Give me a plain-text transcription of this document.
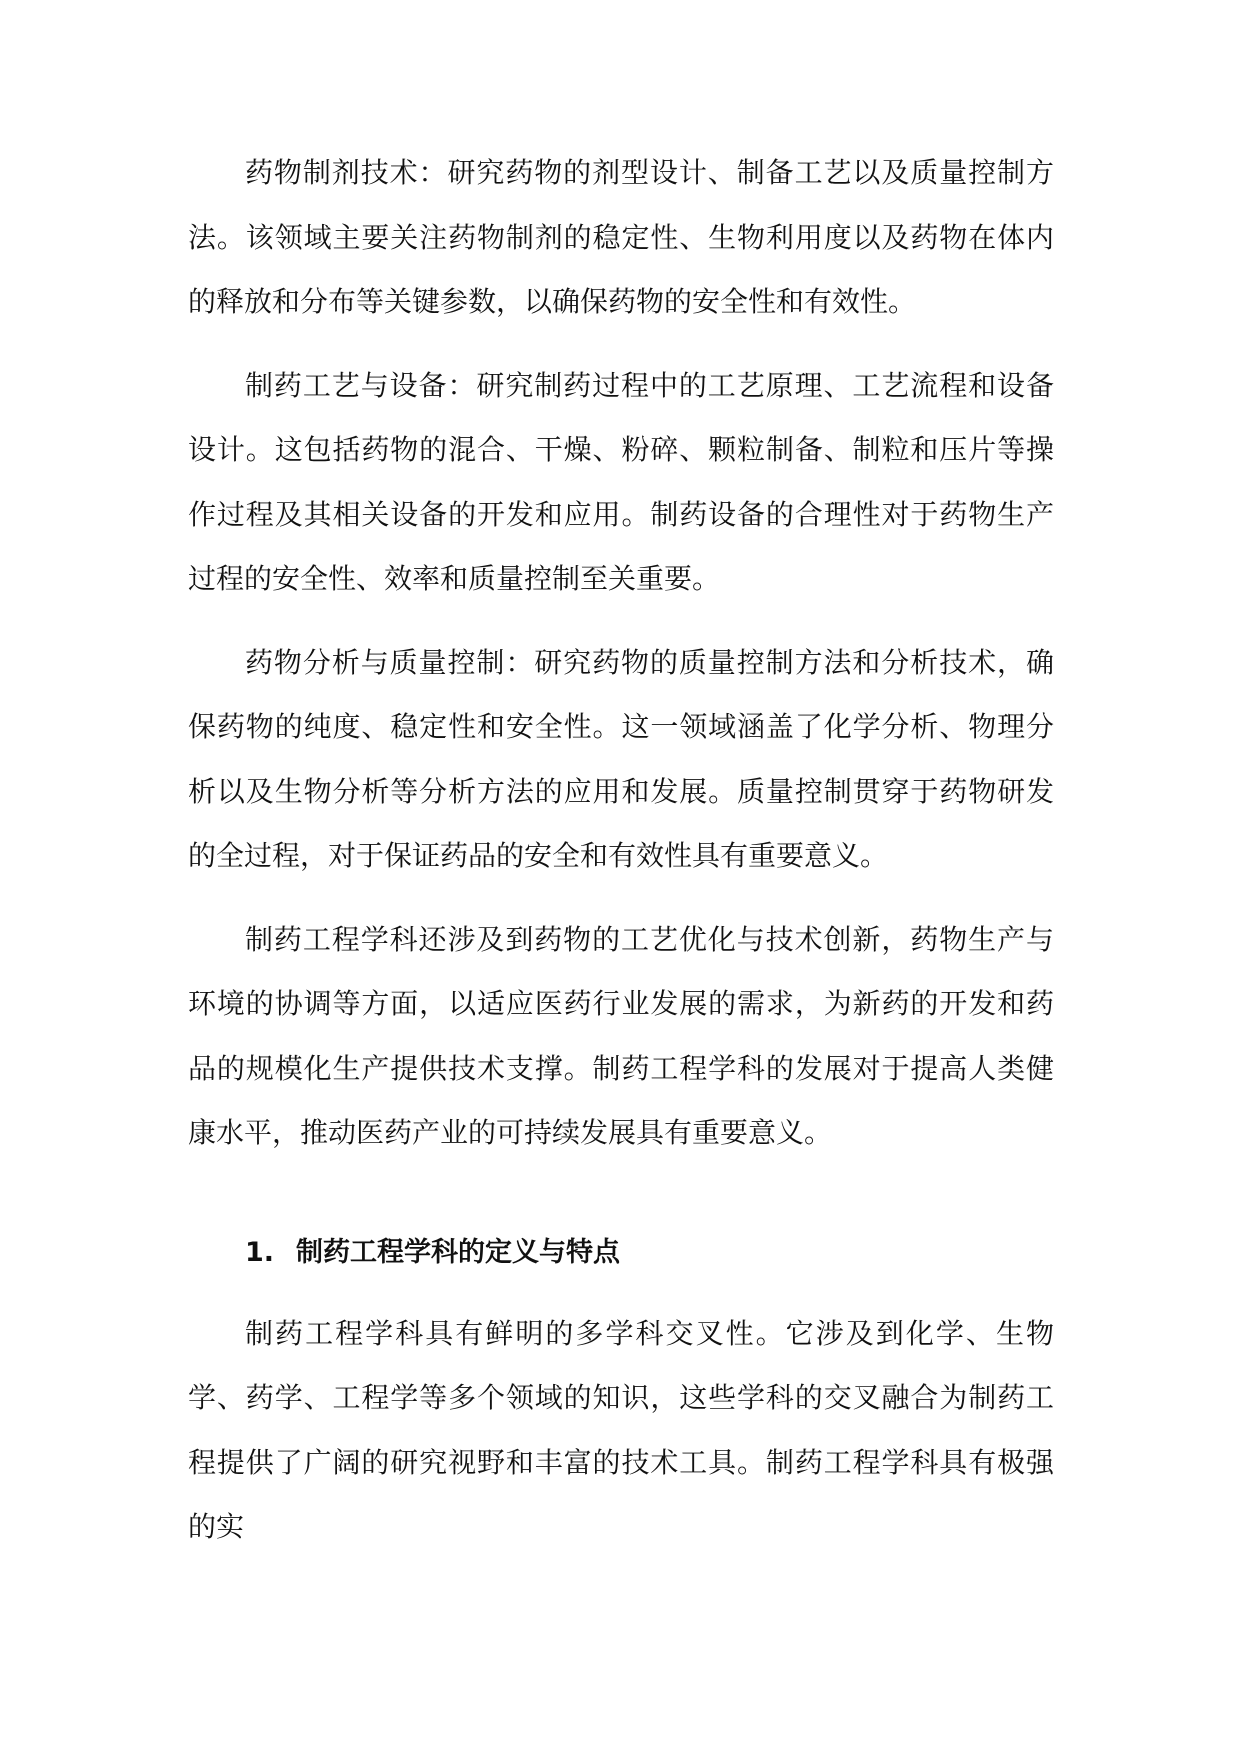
药物制剂技术：研究药物的剂型设计、制备工艺以及质量控制方法。该领域主要关注药物制剂的稳定性、生物利用度以及药物在体内的释放和分布等关键参数，以确保药物的安全性和有效性。

制药工艺与设备：研究制药过程中的工艺原理、工艺流程和设备设计。这包括药物的混合、干燥、粉碎、颗粒制备、制粒和压片等操作过程及其相关设备的开发和应用。制药设备的合理性对于药物生产过程的安全性、效率和质量控制至关重要。

药物分析与质量控制：研究药物的质量控制方法和分析技术，确保药物的纯度、稳定性和安全性。这一领域涵盖了化学分析、物理分析以及生物分析等分析方法的应用和发展。质量控制贯穿于药物研发的全过程，对于保证药品的安全和有效性具有重要意义。

制药工程学科还涉及到药物的工艺优化与技术创新，药物生产与环境的协调等方面，以适应医药行业发展的需求，为新药的开发和药品的规模化生产提供技术支撑。制药工程学科的发展对于提高人类健康水平，推动医药产业的可持续发展具有重要意义。

1. 制药工程学科的定义与特点

制药工程学科具有鲜明的多学科交叉性。它涉及到化学、生物学、药学、工程学等多个领域的知识，这些学科的交叉融合为制药工程提供了广阔的研究视野和丰富的技术工具。制药工程学科具有极强的实
